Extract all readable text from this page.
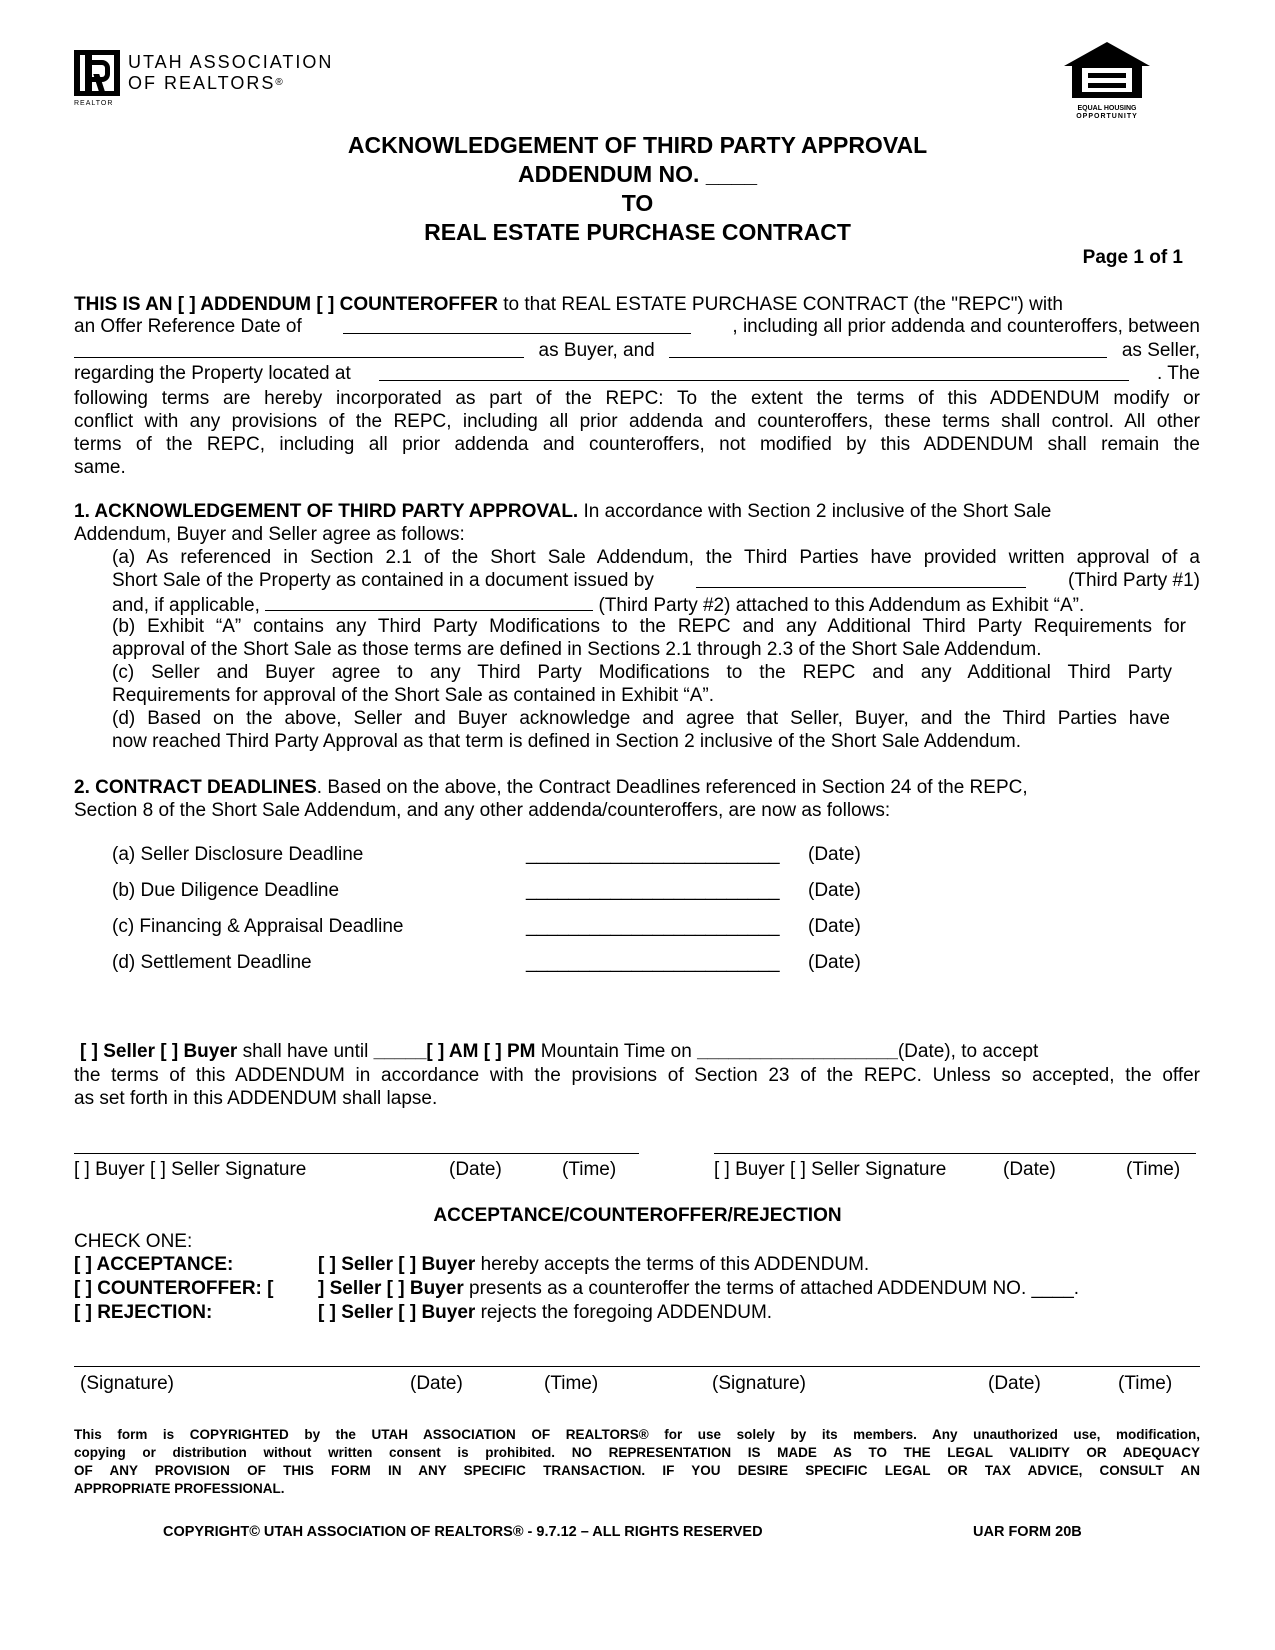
UTAH ASSOCIATION
OF REALTORS®
REALTOR
EQUAL HOUSING
OPPORTUNITY
ACKNOWLEDGEMENT OF THIRD PARTY APPROVAL
ADDENDUM NO. ____
TO
REAL ESTATE PURCHASE CONTRACT
Page 1 of 1
THIS IS AN [ ] ADDENDUM [ ] COUNTEROFFER to that REAL ESTATE PURCHASE CONTRACT (the "REPC") with
an Offer Reference Date of	, including all prior addenda and counteroffers, between
as Buyer, and	as Seller,
regarding the Property located at	. The
following terms are hereby incorporated as part of the REPC: To the extent the terms of this ADDENDUM modify or
conflict with any provisions of the REPC, including all prior addenda and counteroffers, these terms shall control. All other
terms of the REPC, including all prior addenda and counteroffers, not modified by this ADDENDUM shall remain the
same.
1. ACKNOWLEDGEMENT OF THIRD PARTY APPROVAL. In accordance with Section 2 inclusive of the Short Sale
Addendum, Buyer and Seller agree as follows:
(a) As referenced in Section 2.1 of the Short Sale Addendum, the Third Parties have provided written approval of a
Short Sale of the Property as contained in a document issued by	(Third Party #1)
and, if applicable,	(Third Party #2) attached to this Addendum as Exhibit “A”.
(b) Exhibit “A” contains any Third Party Modifications to the REPC and any Additional Third Party Requirements for
approval of the Short Sale as those terms are defined in Sections 2.1 through 2.3 of the Short Sale Addendum.
(c) Seller and Buyer agree to any Third Party Modifications to the REPC and any Additional Third Party
Requirements for approval of the Short Sale as contained in Exhibit “A”.
(d) Based on the above, Seller and Buyer acknowledge and agree that Seller, Buyer, and the Third Parties have
now reached Third Party Approval as that term is defined in Section 2 inclusive of the Short Sale Addendum.
2. CONTRACT DEADLINES. Based on the above, the Contract Deadlines referenced in Section 24 of the REPC,
Section 8 of the Short Sale Addendum, and any other addenda/counteroffers, are now as follows:
(a) Seller Disclosure Deadline	________________________ (Date)
(b) Due Diligence Deadline	________________________ (Date)
(c) Financing & Appraisal Deadline	________________________ (Date)
(d) Settlement Deadline	________________________ (Date)
[ ] Seller [ ] Buyer shall have until _____[ ] AM [ ] PM Mountain Time on ___________________(Date), to accept
the terms of this ADDENDUM in accordance with the provisions of Section 23 of the REPC. Unless so accepted, the offer
as set forth in this ADDENDUM shall lapse.
[ ] Buyer [ ] Seller Signature	(Date)	(Time)	[ ] Buyer [ ] Seller Signature	(Date)	(Time)
ACCEPTANCE/COUNTEROFFER/REJECTION
CHECK ONE:
[ ] ACCEPTANCE:	[ ] Seller [ ] Buyer hereby accepts the terms of this ADDENDUM.
[ ] COUNTEROFFER: [ ] Seller [ ] Buyer presents as a counteroffer the terms of attached ADDENDUM NO. ____.
[ ] REJECTION:	[ ] Seller [ ] Buyer rejects the foregoing ADDENDUM.
(Signature)	(Date)	(Time)	(Signature)	(Date)	(Time)
This form is COPYRIGHTED by the UTAH ASSOCIATION OF REALTORS® for use solely by its members. Any unauthorized use, modification,
copying or distribution without written consent is prohibited. NO REPRESENTATION IS MADE AS TO THE LEGAL VALIDITY OR ADEQUACY
OF ANY PROVISION OF THIS FORM IN ANY SPECIFIC TRANSACTION. IF YOU DESIRE SPECIFIC LEGAL OR TAX ADVICE, CONSULT AN
APPROPRIATE PROFESSIONAL.
COPYRIGHT© UTAH ASSOCIATION OF REALTORS® - 9.7.12 – ALL RIGHTS RESERVED	UAR FORM 20B
